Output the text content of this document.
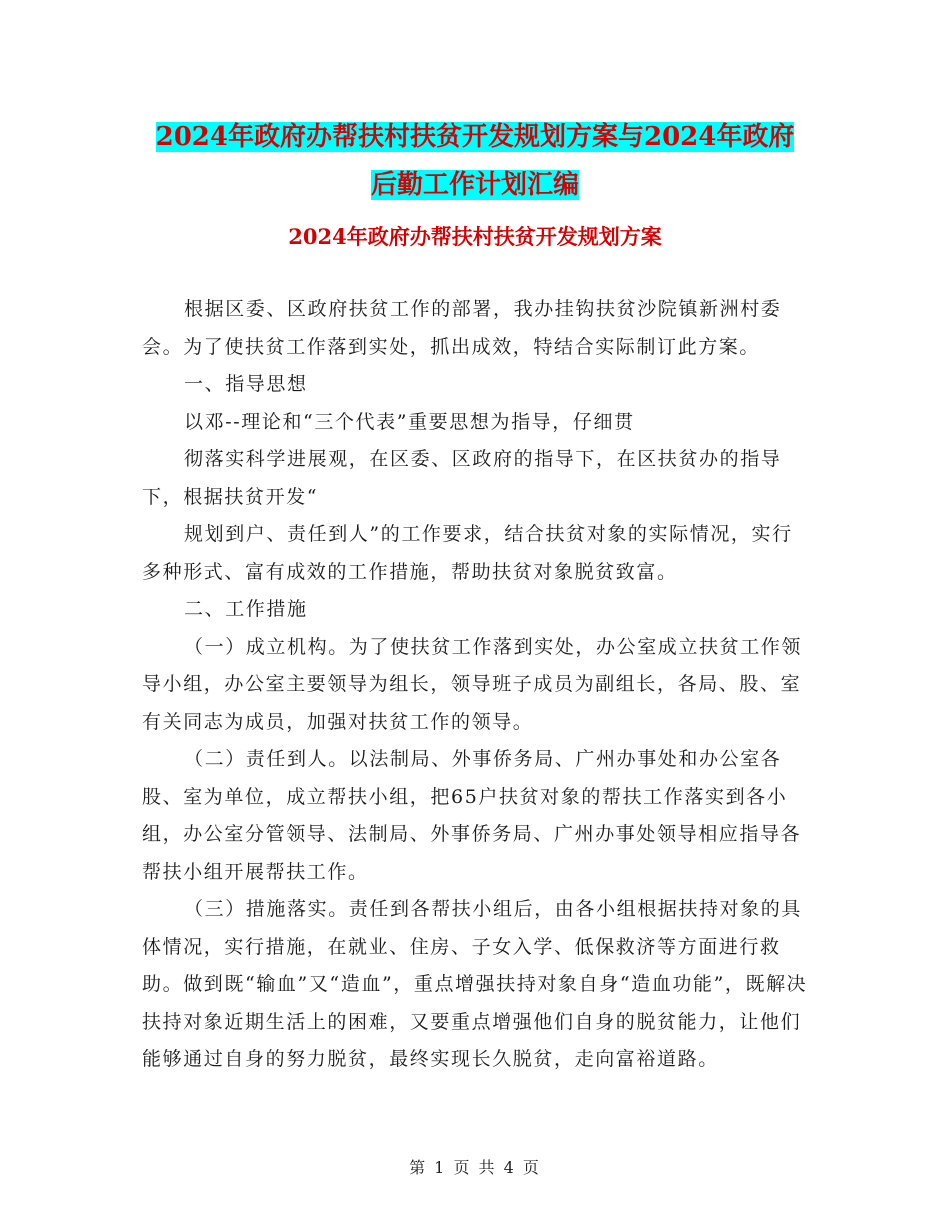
2024年政府办帮扶村扶贫开发规划方案与2024年政府
后勤工作计划汇编
2024年政府办帮扶村扶贫开发规划方案

根据区委、区政府扶贫工作的部署，我办挂钩扶贫沙院镇新洲村委会。为了使扶贫工作落到实处，抓出成效，特结合实际制订此方案。

一、指导思想

以邓--理论和“三个代表”重要思想为指导，仔细贯

彻落实科学进展观，在区委、区政府的指导下，在区扶贫办的指导下，根据扶贫开发“

规划到户、责任到人”的工作要求，结合扶贫对象的实际情况，实行多种形式、富有成效的工作措施，帮助扶贫对象脱贫致富。

二、工作措施

（一）成立机构。为了使扶贫工作落到实处，办公室成立扶贫工作领导小组，办公室主要领导为组长，领导班子成员为副组长，各局、股、室有关同志为成员，加强对扶贫工作的领导。

（二）责任到人。以法制局、外事侨务局、广州办事处和办公室各股、室为单位，成立帮扶小组，把65户扶贫对象的帮扶工作落实到各小组，办公室分管领导、法制局、外事侨务局、广州办事处领导相应指导各帮扶小组开展帮扶工作。

（三）措施落实。责任到各帮扶小组后，由各小组根据扶持对象的具体情况，实行措施，在就业、住房、子女入学、低保救济等方面进行救助。做到既“输血”又“造血”，重点增强扶持对象自身“造血功能”，既解决扶持对象近期生活上的困难，又要重点增强他们自身的脱贫能力，让他们能够通过自身的努力脱贫，最终实现长久脱贫，走向富裕道路。

第 1 页 共 4 页
